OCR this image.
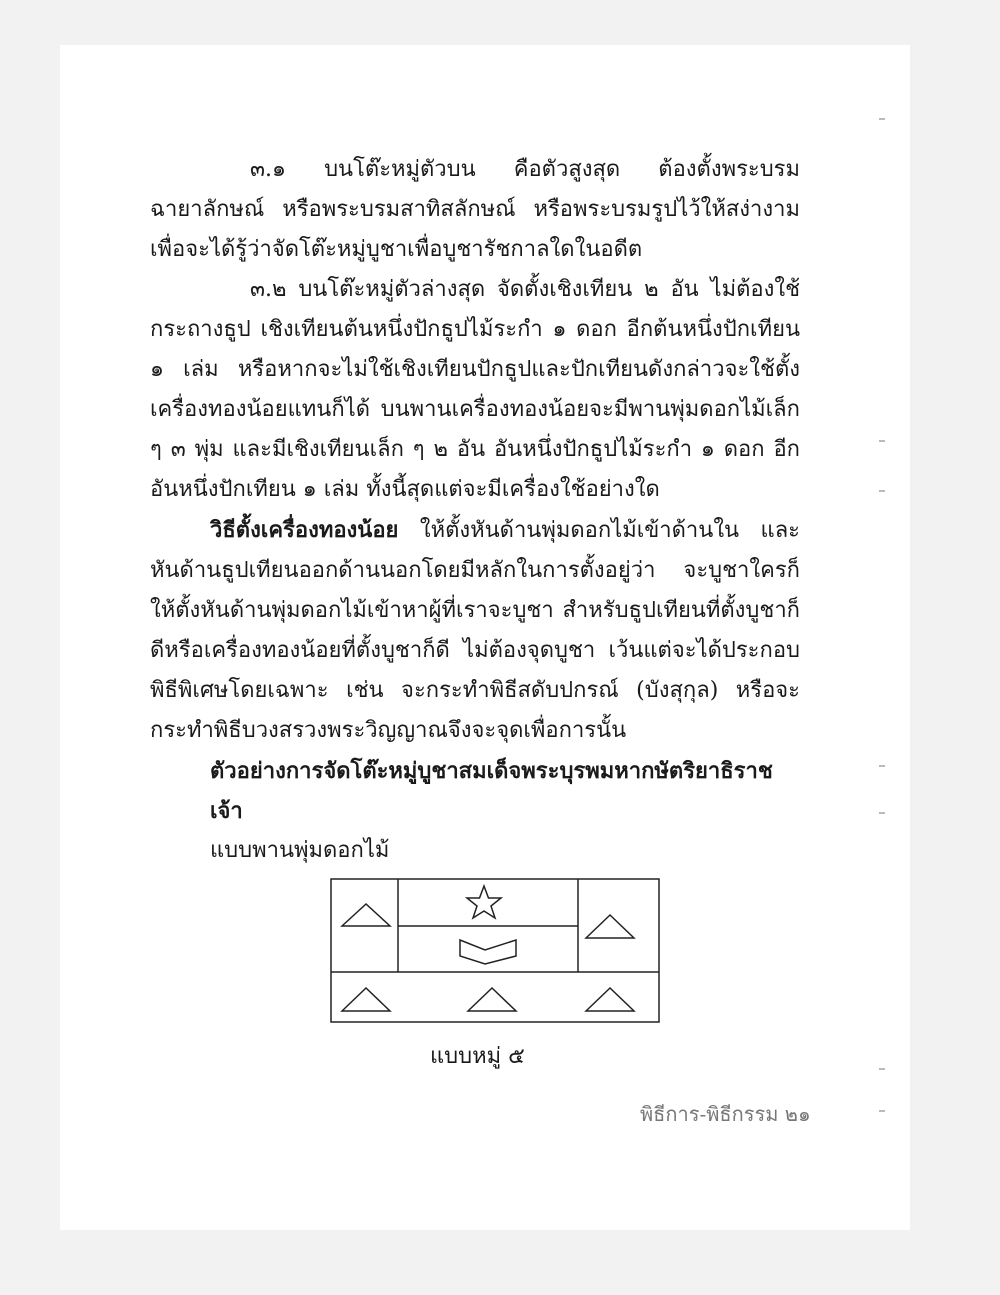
๓.๑ บนโต๊ะหมู่ตัวบน คือตัวสูงสุด ต้องตั้งพระบรมฉายาลักษณ์ หรือพระบรมสาทิสลักษณ์ หรือพระบรมรูปไว้ให้สง่างาม เพื่อจะได้รู้ว่าจัดโต๊ะหมู่บูชาเพื่อบูชารัชกาลใดในอดีต

๓.๒ บนโต๊ะหมู่ตัวล่างสุด จัดตั้งเชิงเทียน ๒ อัน ไม่ต้องใช้กระถางธูป เชิงเทียนต้นหนึ่งปักธูปไม้ระกำ ๑ ดอก อีกต้นหนึ่งปักเทียน ๑ เล่ม หรือหากจะไม่ใช้เชิงเทียนปักธูปและปักเทียนดังกล่าวจะใช้ตั้งเครื่องทองน้อยแทนก็ได้ บนพานเครื่องทองน้อยจะมีพานพุ่มดอกไม้เล็ก ๆ ๓ พุ่ม และมีเชิงเทียนเล็ก ๆ ๒ อัน อันหนึ่งปักธูปไม้ระกำ ๑ ดอก อีกอันหนึ่งปักเทียน ๑ เล่ม ทั้งนี้สุดแต่จะมีเครื่องใช้อย่างใด

วิธีตั้งเครื่องทองน้อย ให้ตั้งหันด้านพุ่มดอกไม้เข้าด้านใน และหันด้านธูปเทียนออกด้านนอกโดยมีหลักในการตั้งอยู่ว่า จะบูชาใครก็ให้ตั้งหันด้านพุ่มดอกไม้เข้าหาผู้ที่เราจะบูชา สำหรับธูปเทียนที่ตั้งบูชาก็ดีหรือเครื่องทองน้อยที่ตั้งบูชาก็ดี ไม่ต้องจุดบูชา เว้นแต่จะได้ประกอบพิธีพิเศษโดยเฉพาะ เช่น จะกระทำพิธีสดับปกรณ์ (บังสุกุล) หรือจะกระทำพิธีบวงสรวงพระวิญญาณจึงจะจุดเพื่อการนั้น

ตัวอย่างการจัดโต๊ะหมู่บูชาสมเด็จพระบุรพมหากษัตริยาธิราชเจ้า

แบบพานพุ่มดอกไม้

แบบหมู่ ๕
พิธีการ-พิธีกรรม ๒๑
